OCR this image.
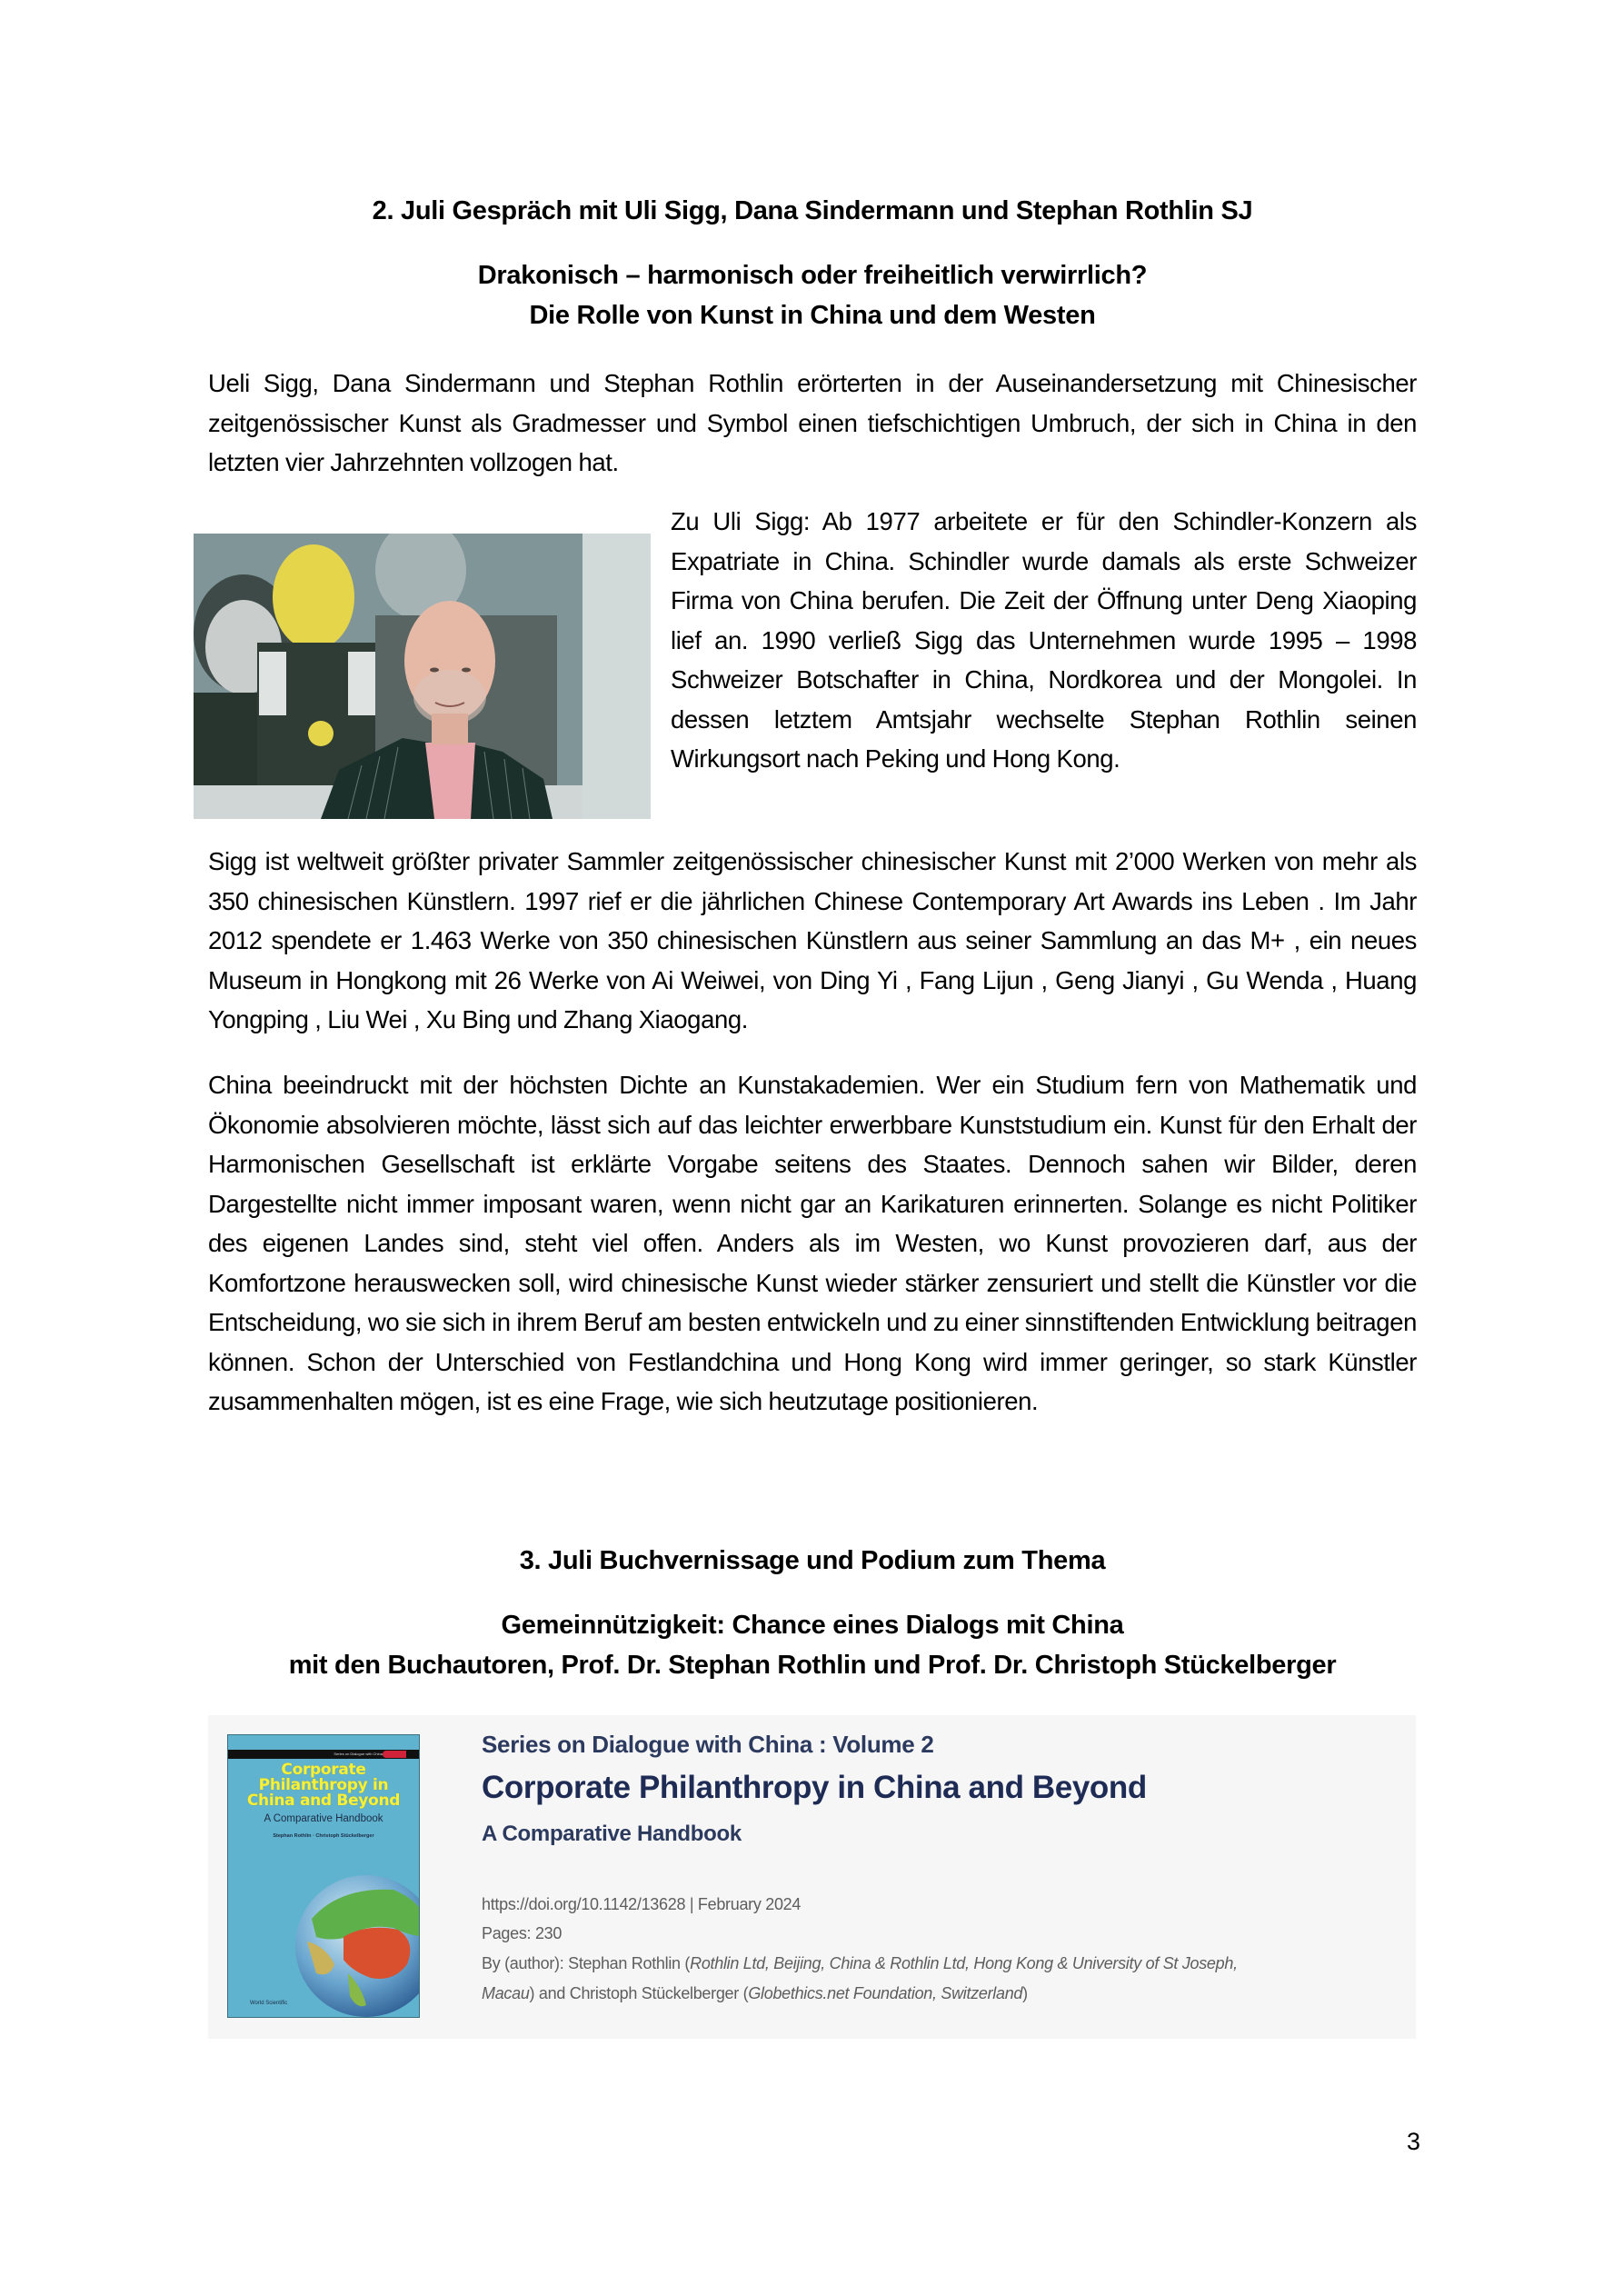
2. Juli Gespräch mit Uli Sigg, Dana Sindermann und Stephan Rothlin SJ
Drakonisch – harmonisch oder freiheitlich verwirrlich?
Die Rolle von Kunst in China und dem Westen

Ueli Sigg, Dana Sindermann und Stephan Rothlin erörterten in der Auseinandersetzung mit Chinesischer zeitgenössischer Kunst als Gradmesser und Symbol einen tiefschichtigen Umbruch, der sich in China in den letzten vier Jahrzehnten vollzogen hat.

Zu Uli Sigg: Ab 1977 arbeitete er für den Schindler-Konzern als Expatriate in China. Schindler wurde damals als erste Schweizer Firma von China berufen. Die Zeit der Öffnung unter Deng Xiaoping lief an. 1990 verließ Sigg das Unternehmen wurde 1995 – 1998 Schweizer Botschafter in China, Nordkorea und der Mongolei. In dessen letztem Amtsjahr wechselte Stephan Rothlin seinen Wirkungsort nach Peking und Hong Kong.

Sigg ist weltweit größter privater Sammler zeitgenössischer chinesischer Kunst mit 2’000 Werken von mehr als 350 chinesischen Künstlern. 1997 rief er die jährlichen Chinese Contemporary Art Awards ins Leben . Im Jahr 2012 spendete er 1.463 Werke von 350 chinesischen Künstlern aus seiner Sammlung an das M+ , ein neues Museum in Hongkong mit 26 Werke von Ai Weiwei, von Ding Yi , Fang Lijun , Geng Jianyi , Gu Wenda , Huang Yongping , Liu Wei , Xu Bing und Zhang Xiaogang.

China beeindruckt mit der höchsten Dichte an Kunstakademien. Wer ein Studium fern von Mathematik und Ökonomie absolvieren möchte, lässt sich auf das leichter erwerbbare Kunststudium ein. Kunst für den Erhalt der Harmonischen Gesellschaft ist erklärte Vorgabe seitens des Staates. Dennoch sahen wir Bilder, deren Dargestellte nicht immer imposant waren, wenn nicht gar an Karikaturen erinnerten. Solange es nicht Politiker des eigenen Landes sind, steht viel offen. Anders als im Westen, wo Kunst provozieren darf, aus der Komfortzone herauswecken soll, wird chinesische Kunst wieder stärker zensuriert und stellt die Künstler vor die Entscheidung, wo sie sich in ihrem Beruf am besten entwickeln und zu einer sinnstiftenden Entwicklung beitragen können. Schon der Unterschied von Festlandchina und Hong Kong wird immer geringer, so stark Künstler zusammenhalten mögen, ist es eine Frage, wie sich heutzutage positionieren.

3. Juli Buchvernissage und Podium zum Thema
Gemeinnützigkeit: Chance eines Dialogs mit China
mit den Buchautoren, Prof. Dr. Stephan Rothlin und Prof. Dr. Christoph Stückelberger
Series on Dialogue with China
Corporate
Philanthropy in
China and Beyond
A Comparative Handbook
Stephan Rothlin · Christoph Stückelberger
World Scientific
Series on Dialogue with China : Volume 2
Corporate Philanthropy in China and Beyond
A Comparative Handbook
https://doi.org/10.1142/13628 | February 2024
Pages: 230
By (author): Stephan Rothlin (Rothlin Ltd, Beijing, China & Rothlin Ltd, Hong Kong & University of St Joseph,
Macau) and Christoph Stückelberger (Globethics.net Foundation, Switzerland)
3
